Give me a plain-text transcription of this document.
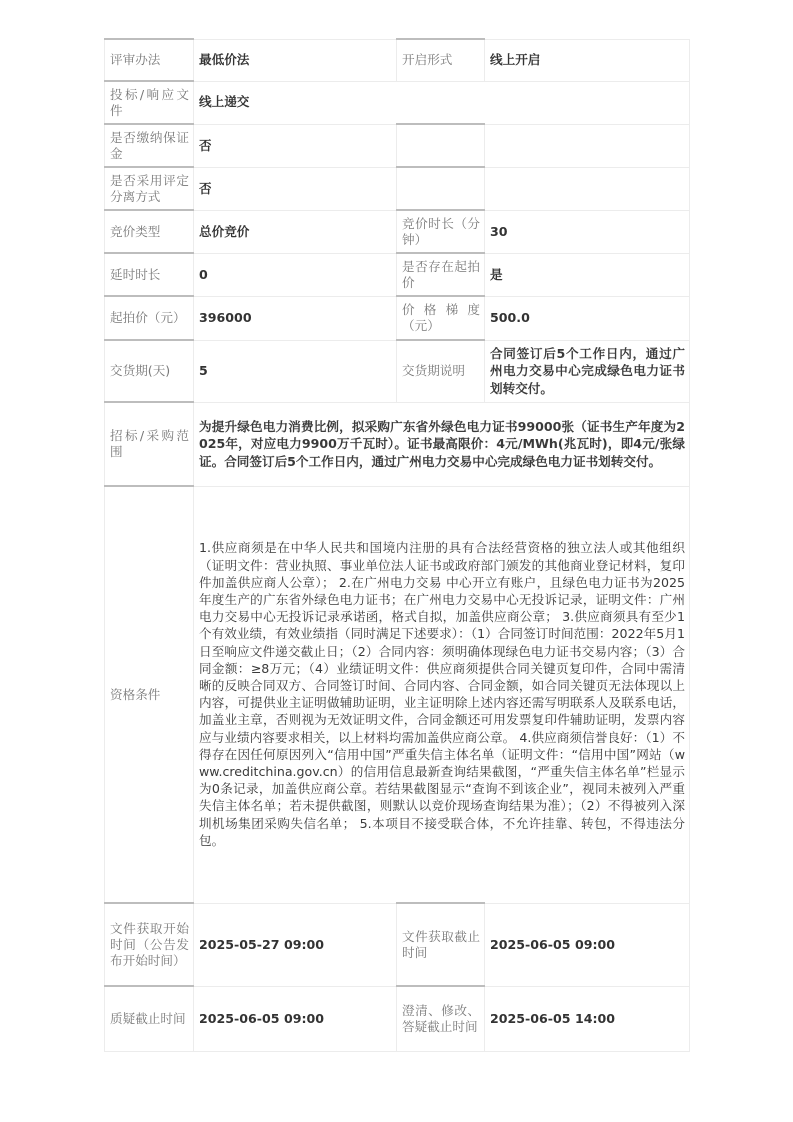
评审办法	最低价法	开启形式	线上开启
投标/响应文件	线上递交		
是否缴纳保证金	否		
是否采用评定分离方式	否		
竞价类型	总价竞价	竞价时长（分钟）	30
延时时长	0	是否存在起拍价	是
起拍价（元）	396000	价格梯度（元）	500.0
交货期(天)	5	交货期说明	合同签订后5个工作日内，通过广州电力交易中心完成绿色电力证书划转交付。
招标/采购范围	为提升绿色电力消费比例，拟采购广东省外绿色电力证书99000张（证书生产年度为2025年，对应电力9900万千瓦时）。证书最高限价：4元/MWh(兆瓦时)，即4元/张绿证。合同签订后5个工作日内，通过广州电力交易中心完成绿色电力证书划转交付。		
资格条件	1.供应商须是在中华人民共和国境内注册的具有合法经营资格的独立法人或其他组织（证明文件：营业执照、事业单位法人证书或政府部门颁发的其他商业登记材料，复印件加盖供应商人公章）； 2.在广州电力交易 中心开立有账户，且绿色电力证书为2025年度生产的广东省外绿色电力证书；在广州电力交易中心无投诉记录，证明文件：广州电力交易中心无投诉记录承诺函，格式自拟，加盖供应商公章； 3.供应商须具有至少1个有效业绩，有效业绩指（同时满足下述要求）：（1）合同签订时间范围：2022年5月1日至响应文件递交截止日；（2）合同内容：须明确体现绿色电力证书交易内容；（3）合同金额：≥8万元；（4）业绩证明文件：供应商须提供合同关键页复印件，合同中需清晰的反映合同双方、合同签订时间、合同内容、合同金额，如合同关键页无法体现以上内容，可提供业主证明做辅助证明，业主证明除上述内容还需写明联系人及联系电话，加盖业主章，否则视为无效证明文件，合同金额还可用发票复印件辅助证明，发票内容应与业绩内容要求相关，以上材料均需加盖供应商公章。 4.供应商须信誉良好：（1）不得存在因任何原因列入“信用中国”严重失信主体名单（证明文件：“信用中国”网站（www.creditchina.gov.cn）的信用信息最新查询结果截图，“严重失信主体名单”栏显示为0条记录，加盖供应商公章。若结果截图显示“查询不到该企业”，视同未被列入严重失信主体名单；若未提供截图，则默认以竞价现场查询结果为准）；（2）不得被列入深圳机场集团采购失信名单； 5.本项目不接受联合体，不允许挂靠、转包，不得违法分包。		
文件获取开始时间（公告发布开始时间）	2025-05-27 09:00	文件获取截止时间	2025-06-05 09:00
质疑截止时间	2025-06-05 09:00	澄清、修改、答疑截止时间	2025-06-05 14:00
